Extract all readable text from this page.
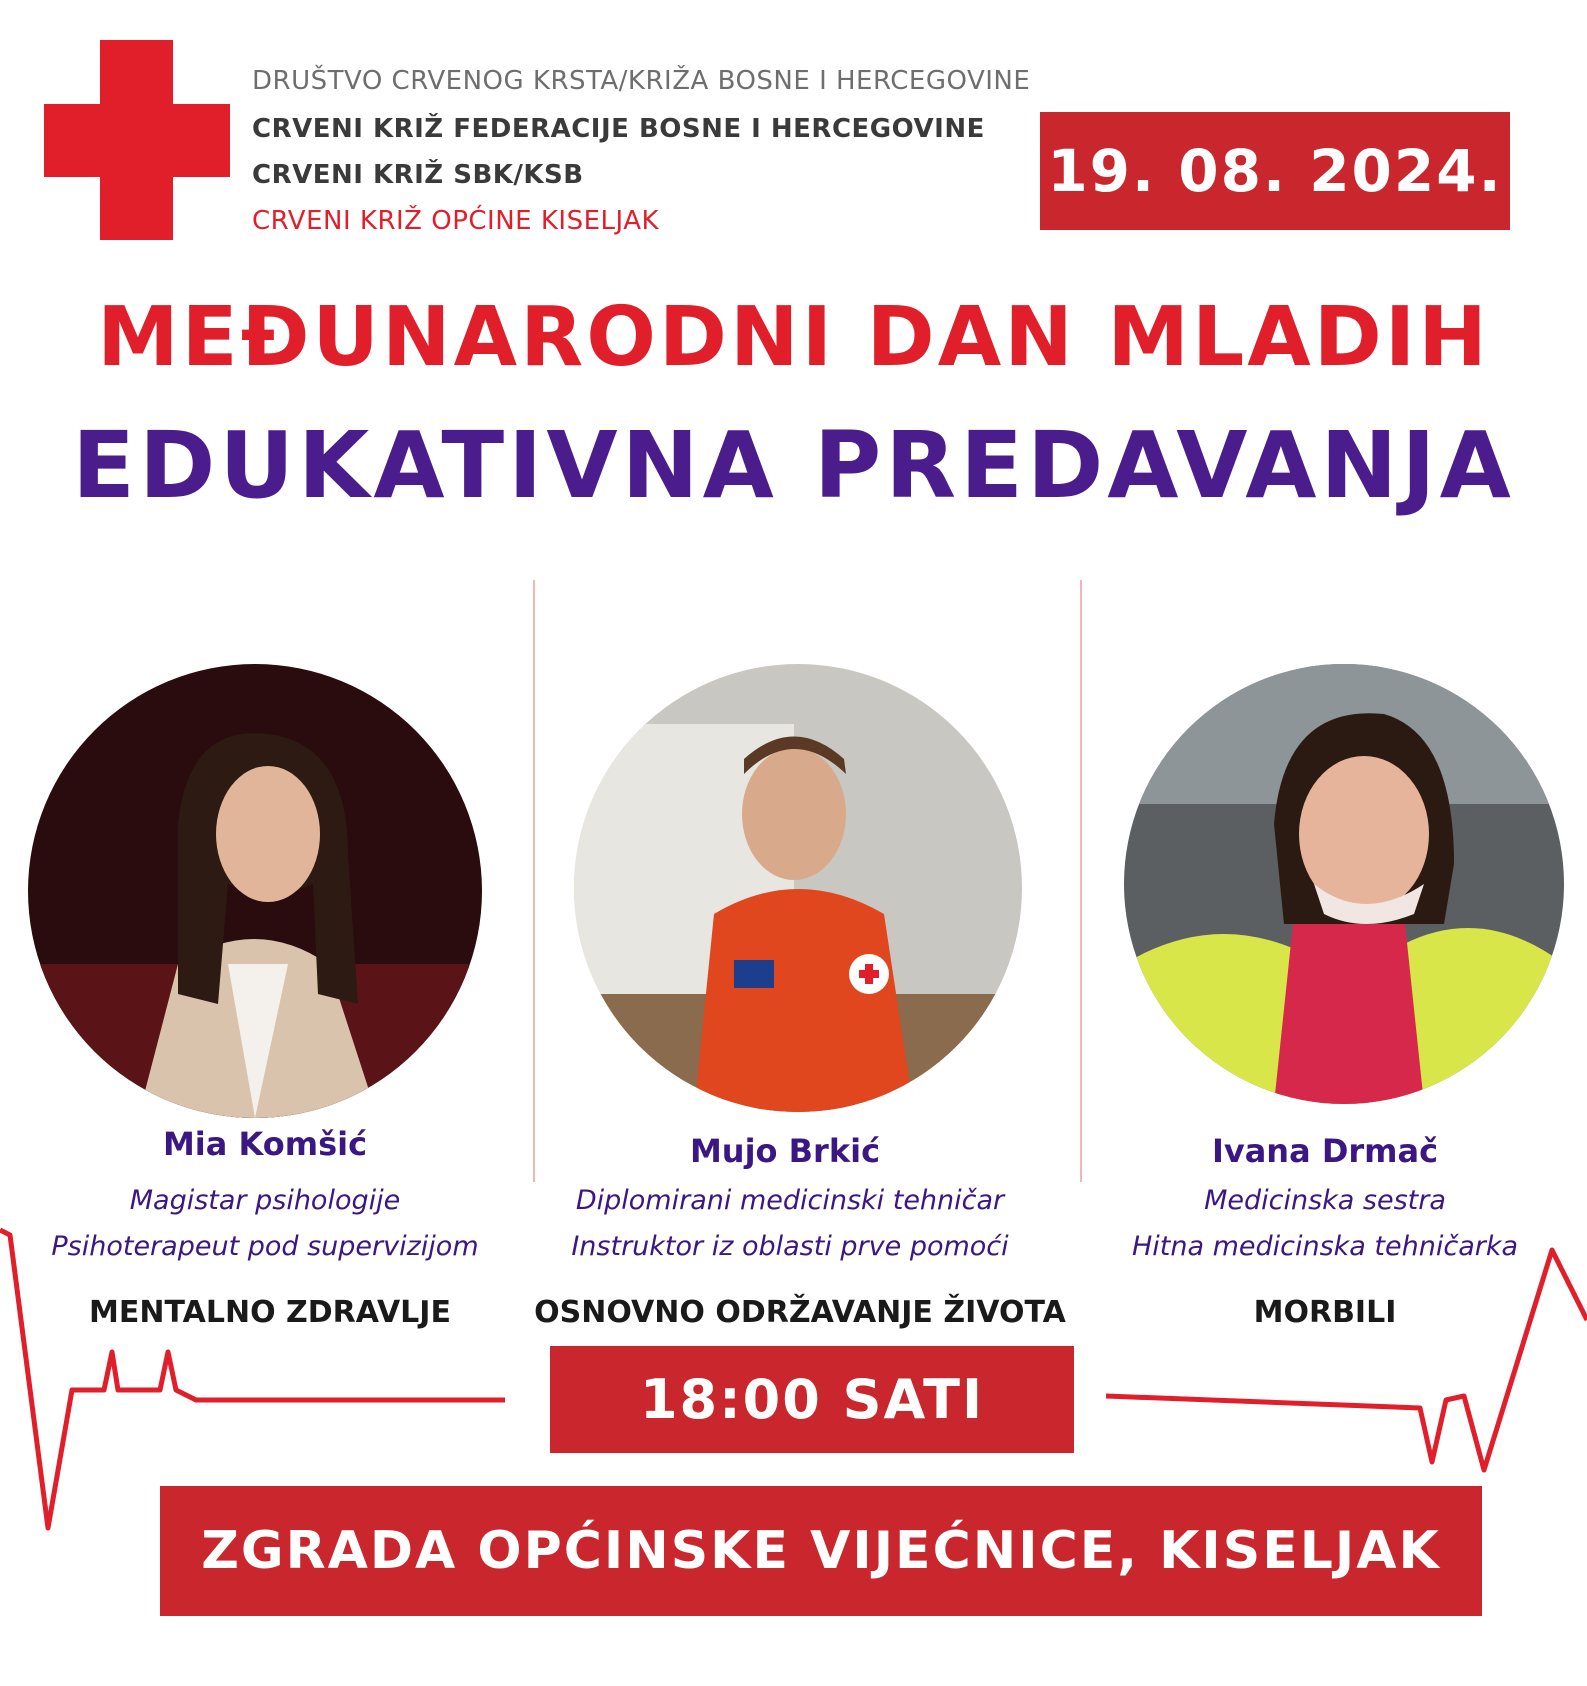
DRUŠTVO CRVENOG KRSTA/KRIŽA BOSNE I HERCEGOVINE
CRVENI KRIŽ FEDERACIJE BOSNE I HERCEGOVINE
CRVENI KRIŽ SBK/KSB
CRVENI KRIŽ OPĆINE KISELJAK
19. 08. 2024.
MEĐUNARODNI DAN MLADIH
EDUKATIVNA PREDAVANJA
Mia Komšić
Magistar psihologije
Psihoterapeut pod supervizijom
MENTALNO ZDRAVLJE
Mujo Brkić
Diplomirani medicinski tehničar
Instruktor iz oblasti prve pomoći
OSNOVNO ODRŽAVANJE ŽIVOTA
Ivana Drmač
Medicinska sestra
Hitna medicinska tehničarka
MORBILI
18:00 SATI
ZGRADA OPĆINSKE VIJEĆNICE, KISELJAK
